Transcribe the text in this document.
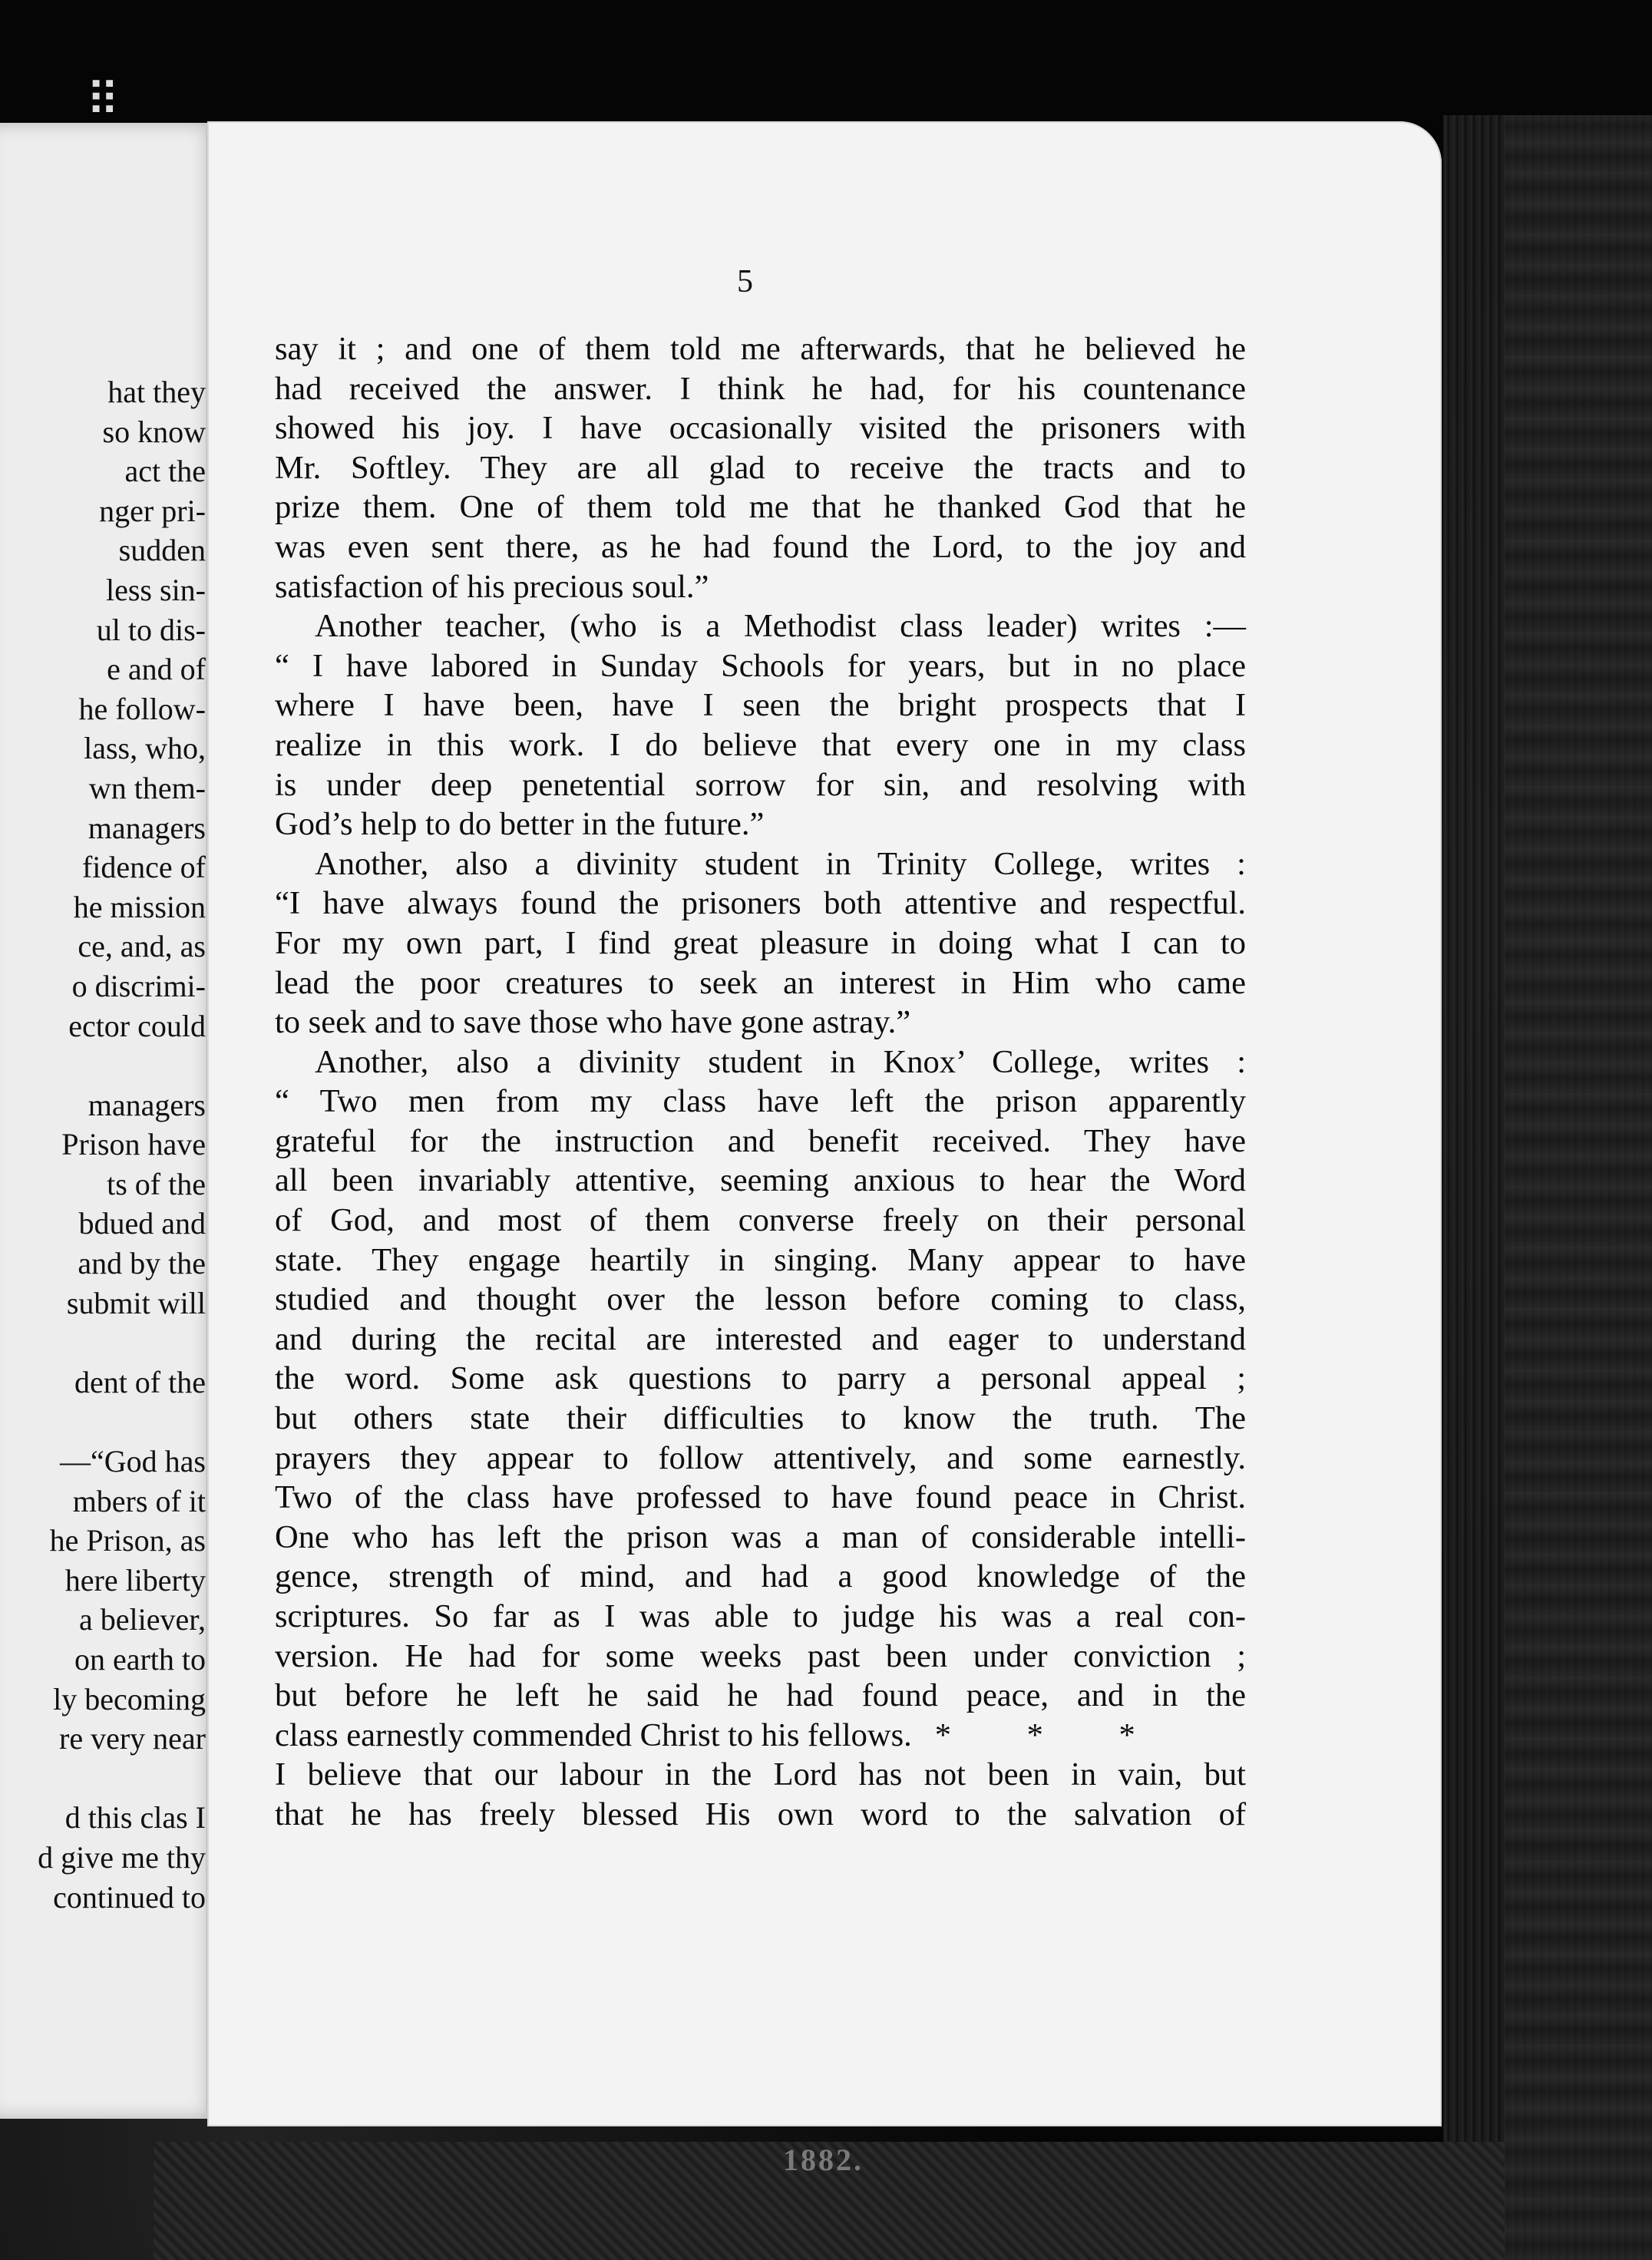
1882.
hat they
so know
act the
nger pri-
sudden
less sin-
ul to dis-
e and of
he follow-
lass, who,
wn them-
managers
fidence of
he mission
ce, and, as
o discrimi-
ector could
managers
Prison have
ts of the
bdued and
and by the
submit will
dent of the
—“God has
mbers of it
he Prison, as
here liberty
a believer,
on earth to
ly becoming
re very near
d this clas I
d give me thy
continued to
5
say it ; and one of them told me afterwards, that he believed he
had received the answer. I think he had, for his countenance
showed his joy. I have occasionally visited the prisoners with
Mr. Softley. They are all glad to receive the tracts and to
prize them. One of them told me that he thanked God that he
was even sent there, as he had found the Lord, to the joy and
satisfaction of his precious soul.”
Another teacher, (who is a Methodist class leader) writes :—
“ I have labored in Sunday Schools for years, but in no place
where I have been, have I seen the bright prospects that I
realize in this work. I do believe that every one in my class
is under deep penetential sorrow for sin, and resolving with
God’s help to do better in the future.”
Another, also a divinity student in Trinity College, writes :
“I have always found the prisoners both attentive and respectful.
For my own part, I find great pleasure in doing what I can to
lead the poor creatures to seek an interest in Him who came
to seek and to save those who have gone astray.”
Another, also a divinity student in Knox’ College, writes :
“ Two men from my class have left the prison apparently
grateful for the instruction and benefit received. They have
all been invariably attentive, seeming anxious to hear the Word
of God, and most of them converse freely on their personal
state. They engage heartily in singing. Many appear to have
studied and thought over the lesson before coming to class,
and during the recital are interested and eager to understand
the word. Some ask questions to parry a personal appeal ;
but others state their difficulties to know the truth. The
prayers they appear to follow attentively, and some earnestly.
Two of the class have professed to have found peace in Christ.
One who has left the prison was a man of considerable intelli-
gence, strength of mind, and had a good knowledge of the
scriptures. So far as I was able to judge his was a real con-
version. He had for some weeks past been under conviction ;
but before he left he said he had found peace, and in the
class earnestly commended Christ to his fellows. * * *
I believe that our labour in the Lord has not been in vain, but
that he has freely blessed His own word to the salvation of
⠿
